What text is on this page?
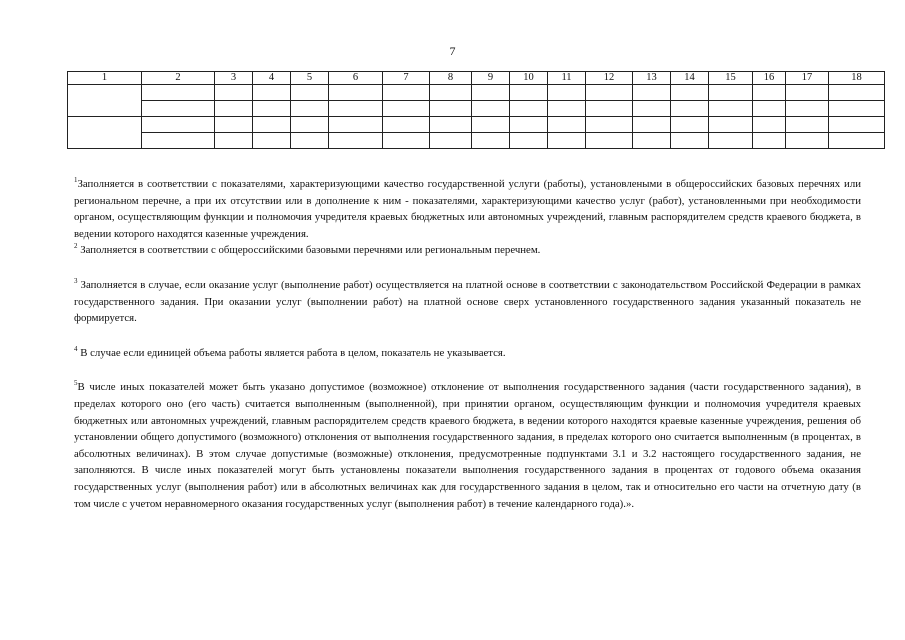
7
1	2	3	4	5	6	7	8	9	10	11	12	13	14	15	16	17	18

$^1$Заполняется в соответствии с показателями, характеризующими качество государственной услуги (работы), установлеными в общероссийских базовых перечнях или региональном перечне, а при их отсутствии или в дополнение к ним - показателями, характеризующими качество услуг (работ), установленными при необходимости органом, осуществляющим функции и полномочия учредителя краевых бюджетных или автономных учреждений, главным распорядителем средств краевого бюджета, в ведении которого находятся казенные учреждения.

$^2$ Заполняется в соответствии с общероссийскими базовыми перечнями или региональным перечнем.

$^3$ Заполняется в случае, если оказание услуг (выполнение работ) осуществляется на платной основе в соответствии с законодательством Российской Федерации в рамках государственного задания. При оказании услуг (выполнении работ) на платной основе сверх установленного государственного задания указанный показатель не формируется.

$^4$ В случае если единицей объема работы является работа в целом, показатель не указывается.

$^5$В числе иных показателей может быть указано допустимое (возможное) отклонение от выполнения государственного задания (части государственного задания), в пределах которого оно (его часть) считается выполненным (выполненной), при принятии органом, осуществляющим функции и полномочия учредителя краевых бюджетных или автономных учреждений, главным распорядителем средств краевого бюджета, в ведении которого находятся краевые казенные учреждения, решения об установлении общего допустимого (возможного) отклонения от выполнения государственного задания, в пределах которого оно считается выполненным (в процентах, в абсолютных величинах). В этом случае допустимые (возможные) отклонения, предусмотренные подпунктами 3.1 и 3.2 настоящего государственного задания, не заполняются. В числе иных показателей могут быть установлены показатели выполнения государственного задания в процентах от годового объема оказания государственных услуг (выполнения работ) или в абсолютных величинах как для государственного задания в целом, так и относительно его части на отчетную дату (в том числе с учетом неравномерного оказания государственных услуг (выполнения работ) в течение календарного года).».
